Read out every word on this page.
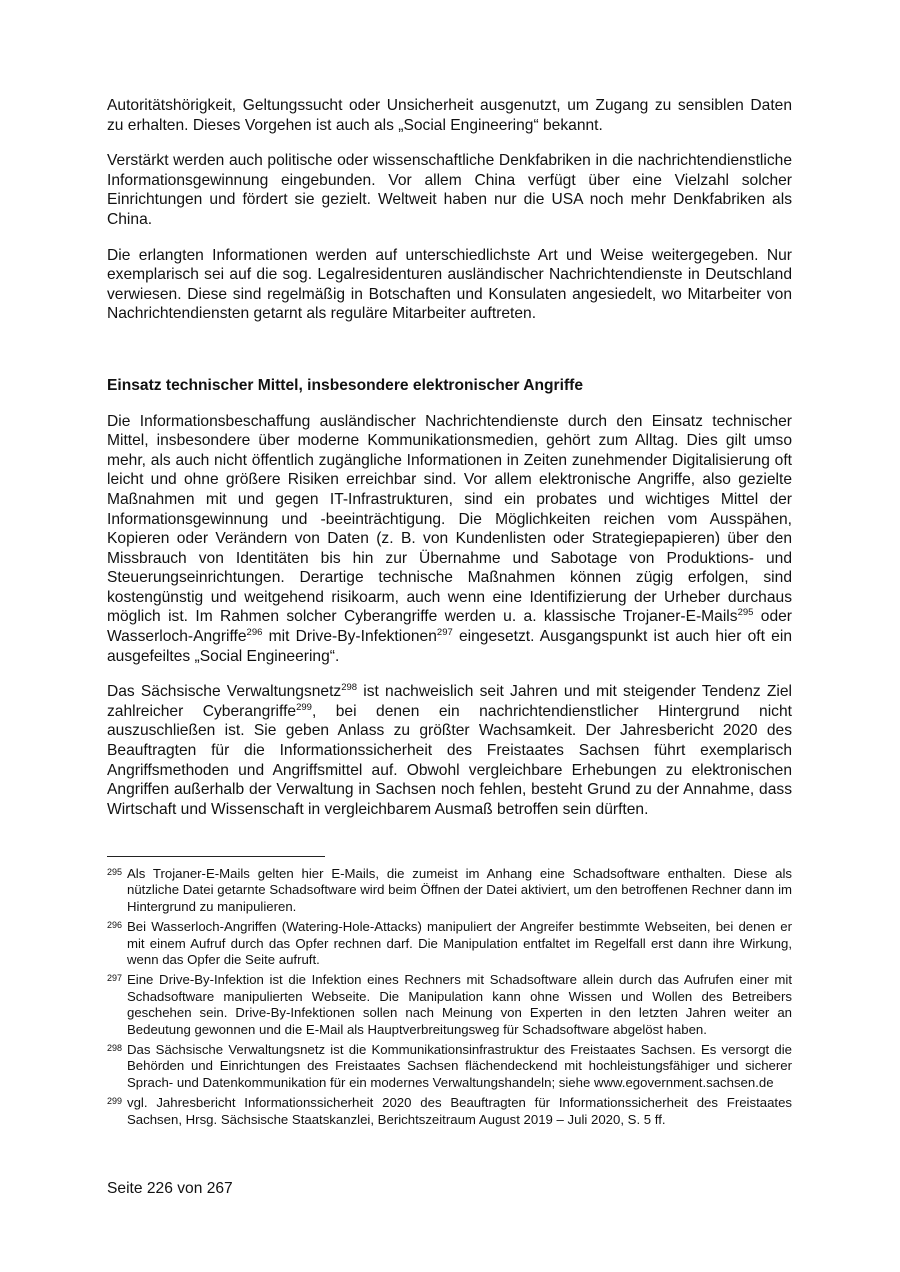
Autoritätshörigkeit, Geltungssucht oder Unsicherheit ausgenutzt, um Zugang zu sensiblen Daten zu erhalten. Dieses Vorgehen ist auch als „Social Engineering“ bekannt.

Verstärkt werden auch politische oder wissenschaftliche Denkfabriken in die nachrichtendienstliche Informationsgewinnung eingebunden. Vor allem China verfügt über eine Vielzahl solcher Einrichtungen und fördert sie gezielt. Weltweit haben nur die USA noch mehr Denkfabriken als China.

Die erlangten Informationen werden auf unterschiedlichste Art und Weise weitergegeben. Nur exemplarisch sei auf die sog. Legalresidenturen ausländischer Nachrichtendienste in Deutschland verwiesen. Diese sind regelmäßig in Botschaften und Konsulaten angesiedelt, wo Mitarbeiter von Nachrichtendiensten getarnt als reguläre Mitarbeiter auftreten.

Einsatz technischer Mittel, insbesondere elektronischer Angriffe

Die Informationsbeschaffung ausländischer Nachrichtendienste durch den Einsatz technischer Mittel, insbesondere über moderne Kommunikationsmedien, gehört zum Alltag. Dies gilt umso mehr, als auch nicht öffentlich zugängliche Informationen in Zeiten zunehmender Digitalisierung oft leicht und ohne größere Risiken erreichbar sind. Vor allem elektronische Angriffe, also gezielte Maßnahmen mit und gegen IT-Infrastrukturen, sind ein probates und wichtiges Mittel der Informationsgewinnung und -beeinträchtigung. Die Möglichkeiten reichen vom Ausspähen, Kopieren oder Verändern von Daten (z. B. von Kundenlisten oder Strategiepapieren) über den Missbrauch von Identitäten bis hin zur Übernahme und Sabotage von Produktions- und Steuerungseinrichtungen. Derartige technische Maßnahmen können zügig erfolgen, sind kostengünstig und weitgehend risikoarm, auch wenn eine Identifizierung der Urheber durchaus möglich ist. Im Rahmen solcher Cyberangriffe werden u. a. klassische Trojaner-E-Mails$^{295}$ oder Wasserloch-Angriffe$^{296}$ mit Drive-By-Infektionen$^{297}$ eingesetzt. Ausgangspunkt ist auch hier oft ein ausgefeiltes „Social Engineering“.

Das Sächsische Verwaltungsnetz$^{298}$ ist nachweislich seit Jahren und mit steigender Tendenz Ziel zahlreicher Cyberangriffe$^{299}$, bei denen ein nachrichtendienstlicher Hintergrund nicht auszuschließen ist. Sie geben Anlass zu größter Wachsamkeit. Der Jahresbericht 2020 des Beauftragten für die Informationssicherheit des Freistaates Sachsen führt exemplarisch Angriffsmethoden und Angriffsmittel auf. Obwohl vergleichbare Erhebungen zu elektronischen Angriffen außerhalb der Verwaltung in Sachsen noch fehlen, besteht Grund zu der Annahme, dass Wirtschaft und Wissenschaft in vergleichbarem Ausmaß betroffen sein dürften.

295 Als Trojaner-E-Mails gelten hier E-Mails, die zumeist im Anhang eine Schadsoftware enthalten. Diese als nützliche Datei getarnte Schadsoftware wird beim Öffnen der Datei aktiviert, um den betroffenen Rechner dann im Hintergrund zu manipulieren.
296 Bei Wasserloch-Angriffen (Watering-Hole-Attacks) manipuliert der Angreifer bestimmte Webseiten, bei denen er mit einem Aufruf durch das Opfer rechnen darf. Die Manipulation entfaltet im Regelfall erst dann ihre Wirkung, wenn das Opfer die Seite aufruft.
297 Eine Drive-By-Infektion ist die Infektion eines Rechners mit Schadsoftware allein durch das Aufrufen einer mit Schadsoftware manipulierten Webseite. Die Manipulation kann ohne Wissen und Wollen des Betreibers geschehen sein. Drive-By-Infektionen sollen nach Meinung von Experten in den letzten Jahren weiter an Bedeutung gewonnen und die E-Mail als Hauptverbreitungsweg für Schadsoftware abgelöst haben.
298 Das Sächsische Verwaltungsnetz ist die Kommunikationsinfrastruktur des Freistaates Sachsen. Es versorgt die Behörden und Einrichtungen des Freistaates Sachsen flächendeckend mit hochleistungsfähiger und sicherer Sprach- und Datenkommunikation für ein modernes Verwaltungshandeln; siehe www.egovernment.sachsen.de
299 vgl. Jahresbericht Informationssicherheit 2020 des Beauftragten für Informationssicherheit des Freistaates Sachsen, Hrsg. Sächsische Staatskanzlei, Berichtszeitraum August 2019 – Juli 2020, S. 5 ff.
Seite 226 von 267
